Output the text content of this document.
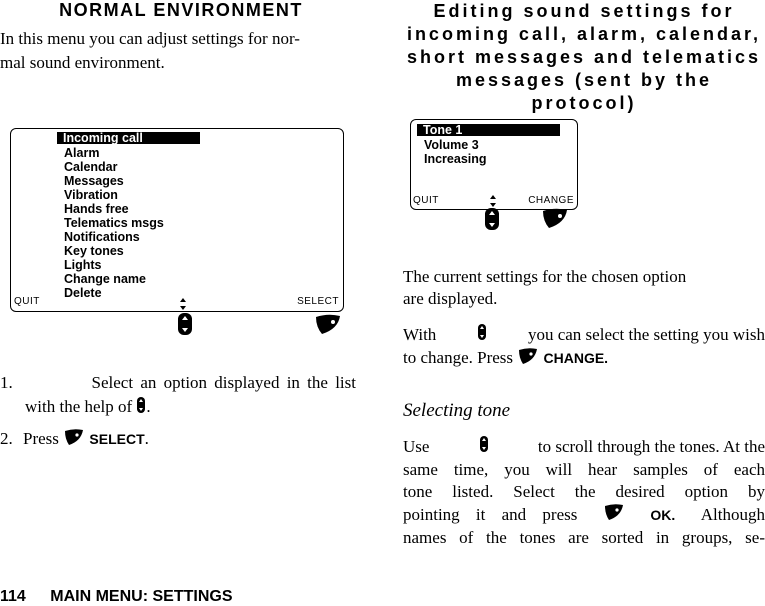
NORMAL ENVIRONMENT
In this menu you can adjust settings for nor-
mal sound environment.
Incoming call
Alarm
Calendar
Messages
Vibration
Hands free
Telematics msgs
Notifications
Key tones
Lights
Change name
Delete
QUIT	SELECT
1.	Select an option displayed in the list
with the help of .
2. Press SELECT.
Editing sound settings for
incoming call, alarm, calendar,
short messages and telematics
messages (sent by the protocol)
Tone 1
Volume 3
Increasing
QUIT	CHANGE
The current settings for the chosen option
are displayed.
With	you can select the setting you wish
to change. Press CHANGE.
Selecting tone
Use	to scroll through the tones. At the
same time, you will hear samples of each
tone listed. Select the desired option by
pointing it and press	OK. Although
names of the tones are sorted in groups, se-
114 MAIN MENU: SETTINGS
